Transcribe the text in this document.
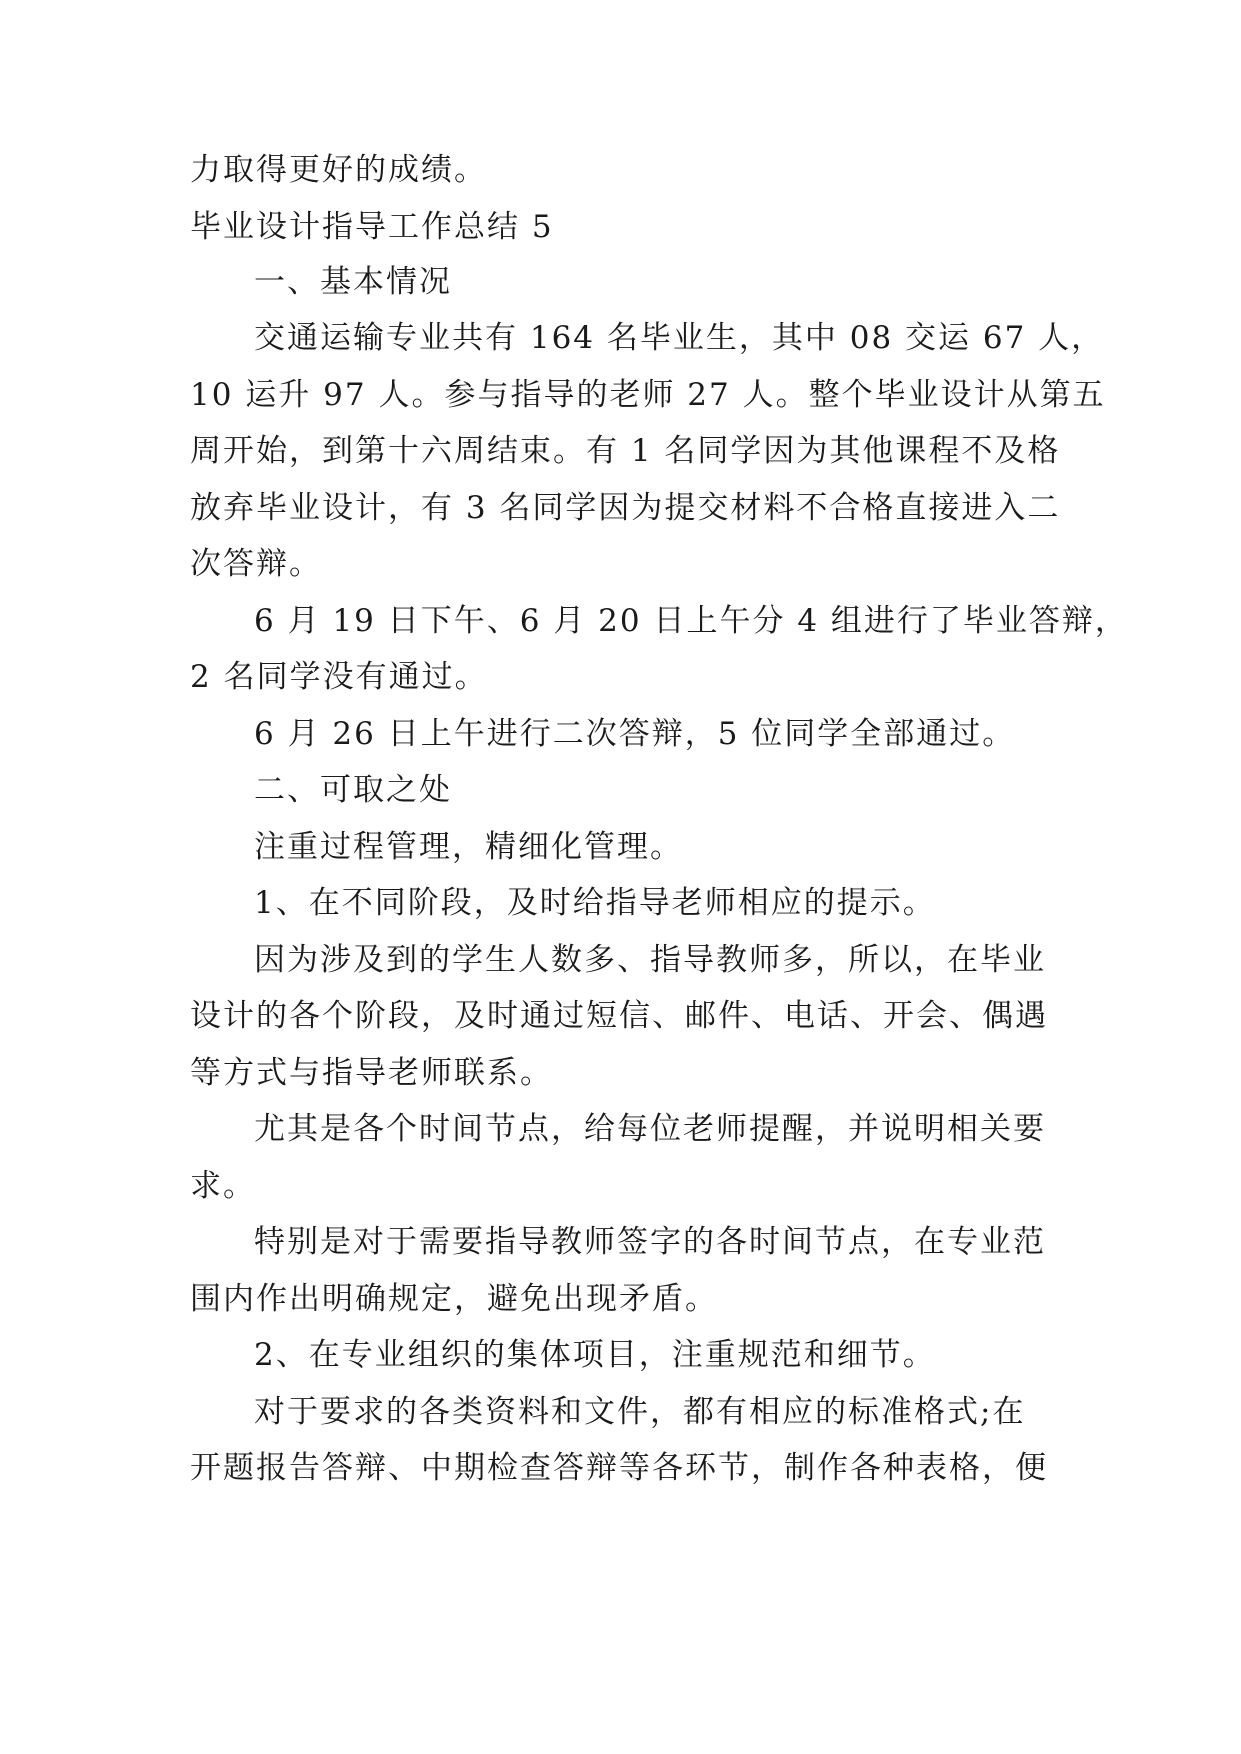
力取得更好的成绩。
毕业设计指导工作总结 5
一、基本情况
交通运输专业共有 164 名毕业生，其中 08 交运 67 人，
10 运升 97 人。参与指导的老师 27 人。整个毕业设计从第五
周开始，到第十六周结束。有 1 名同学因为其他课程不及格
放弃毕业设计，有 3 名同学因为提交材料不合格直接进入二
次答辩。
6 月 19 日下午、6 月 20 日上午分 4 组进行了毕业答辩，
2 名同学没有通过。
6 月 26 日上午进行二次答辩，5 位同学全部通过。
二、可取之处
注重过程管理，精细化管理。
1、在不同阶段，及时给指导老师相应的提示。
因为涉及到的学生人数多、指导教师多，所以，在毕业
设计的各个阶段，及时通过短信、邮件、电话、开会、偶遇
等方式与指导老师联系。
尤其是各个时间节点，给每位老师提醒，并说明相关要
求。
特别是对于需要指导教师签字的各时间节点，在专业范
围内作出明确规定，避免出现矛盾。
2、在专业组织的集体项目，注重规范和细节。
对于要求的各类资料和文件，都有相应的标准格式;在
开题报告答辩、中期检查答辩等各环节，制作各种表格，便
